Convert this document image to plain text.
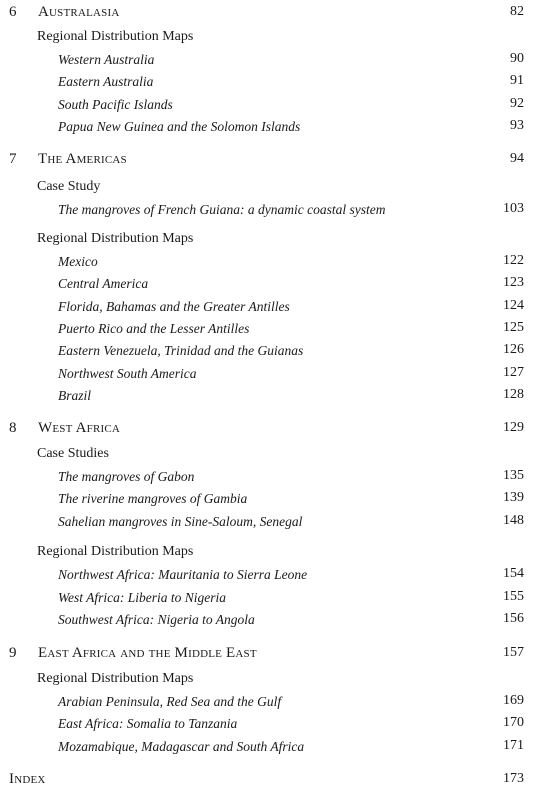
6 Australasia	82
Regional Distribution Maps
Western Australia	90
Eastern Australia	91
South Pacific Islands	92
Papua New Guinea and the Solomon Islands	93
7 The Americas	94
Case Study
The mangroves of French Guiana: a dynamic coastal system	103
Regional Distribution Maps
Mexico	122
Central America	123
Florida, Bahamas and the Greater Antilles	124
Puerto Rico and the Lesser Antilles	125
Eastern Venezuela, Trinidad and the Guianas	126
Northwest South America	127
Brazil	128
8 West Africa	129
Case Studies
The mangroves of Gabon	135
The riverine mangroves of Gambia	139
Sahelian mangroves in Sine-Saloum, Senegal	148
Regional Distribution Maps
Northwest Africa: Mauritania to Sierra Leone	154
West Africa: Liberia to Nigeria	155
Southwest Africa: Nigeria to Angola	156
9 East Africa and the Middle East	157
Regional Distribution Maps
Arabian Peninsula, Red Sea and the Gulf	169
East Africa: Somalia to Tanzania	170
Mozamabique, Madagascar and South Africa	171
Index	173
